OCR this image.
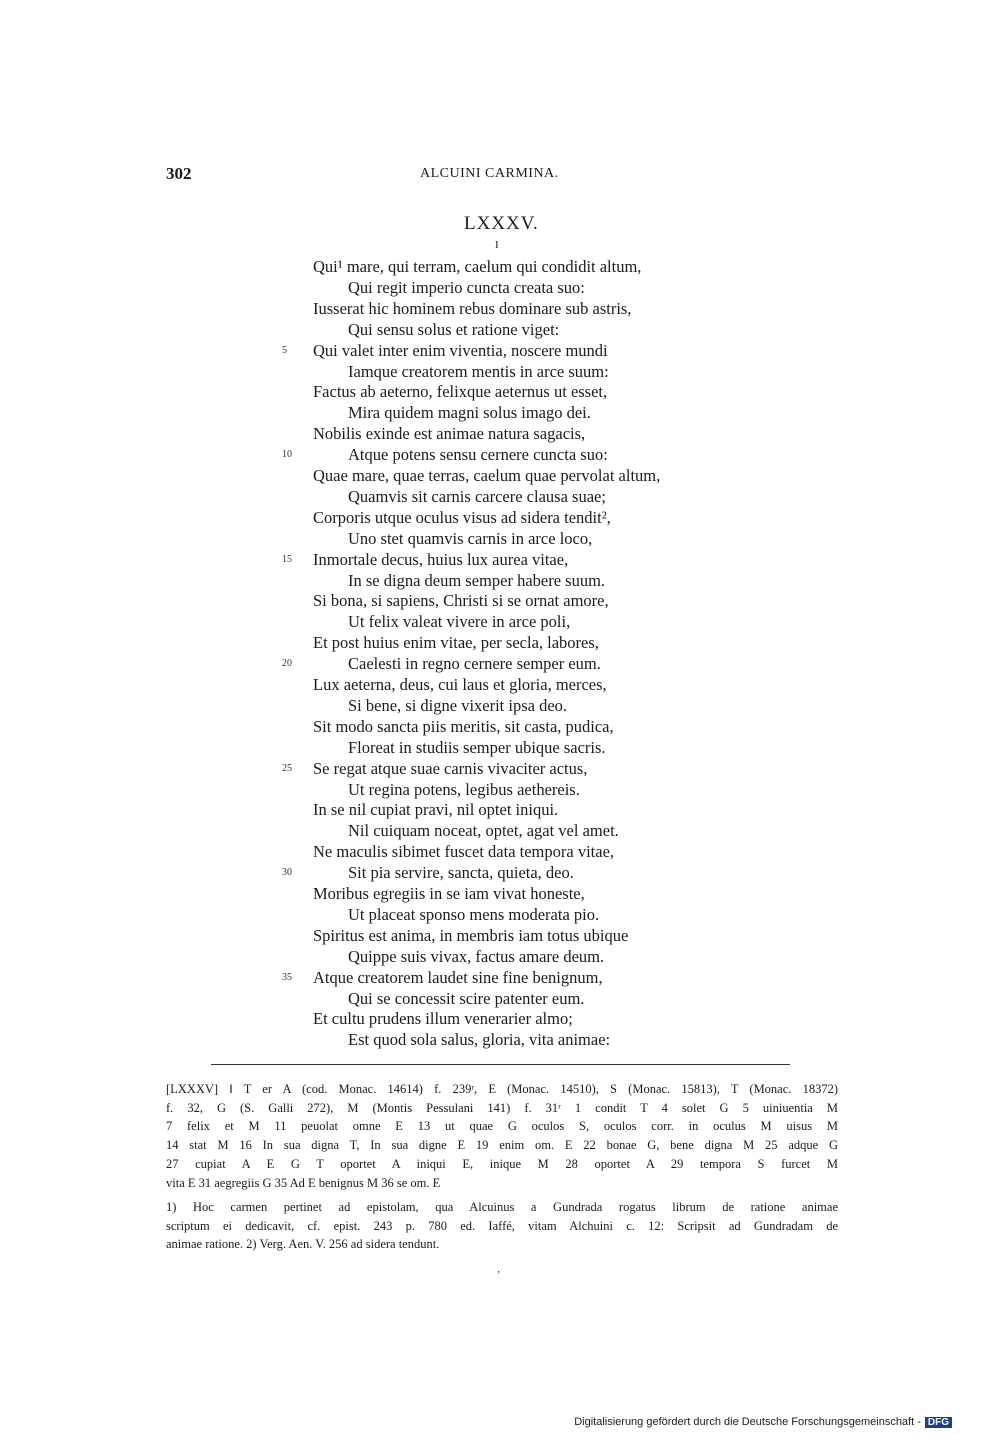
302	ALCUINI CARMINA.
LXXXV.
I
Qui¹ mare, qui terram, caelum qui condidit altum,
Qui regit imperio cuncta creata suo:
Iusserat hic hominem rebus dominare sub astris,
Qui sensu solus et ratione viget:
Qui valet inter enim viventia, noscere mundi
5
Iamque creatorem mentis in arce suum:
Factus ab aeterno, felixque aeternus ut esset,
Mira quidem magni solus imago dei.
Nobilis exinde est animae natura sagacis,
Atque potens sensu cernere cuncta suo:
10
Quae mare, quae terras, caelum quae pervolat altum,
Quamvis sit carnis carcere clausa suae;
Corporis utque oculus visus ad sidera tendit²,
Uno stet quamvis carnis in arce loco,
Inmortale decus, huius lux aurea vitae,
15
In se digna deum semper habere suum.
Si bona, si sapiens, Christi si se ornat amore,
Ut felix valeat vivere in arce poli,
Et post huius enim vitae, per secla, labores,
Caelesti in regno cernere semper eum.
20
Lux aeterna, deus, cui laus et gloria, merces,
Si bene, si digne vixerit ipsa deo.
Sit modo sancta piis meritis, sit casta, pudica,
Floreat in studiis semper ubique sacris.
Se regat atque suae carnis vivaciter actus,
25
Ut regina potens, legibus aethereis.
In se nil cupiat pravi, nil optet iniqui.
Nil cuiquam noceat, optet, agat vel amet.
Ne maculis sibimet fuscet data tempora vitae,
Sit pia servire, sancta, quieta, deo.
30
Moribus egregiis in se iam vivat honeste,
Ut placeat sponso mens moderata pio.
Spiritus est anima, in membris iam totus ubique
Quippe suis vivax, factus amare deum.
Atque creatorem laudet sine fine benignum,
35
Qui se concessit scire patenter eum.
Et cultu prudens illum venerarier almo;
Est quod sola salus, gloria, vita animae:
[LXXXV] ‖ T er A (cod. Monac. 14614) f. 239ʳ, E (Monac. 14510), S (Monac. 15813), T (Monac. 18372)
f. 32, G (S. Galli 272), M (Montis Pessulani 141) f. 31ʳ 1 condit T 4 solet G 5 uiniuentia M
7 felix et M 11 peuolat omne E 13 ut quae G oculos S, oculos corr. in oculus M uisus M
14 stat M 16 In sua digna T, In sua digne E 19 enim om. E 22 bonae G, bene digna M 25 adque G
27 cupiat A E G T oportet A iniqui E, inique M 28 oportet A 29 tempora S furcet M
vita E 31 aegregiis G 35 Ad E benignus M 36 se om. E
1) Hoc carmen pertinet ad epistolam, qua Alcuinus a Gundrada rogatus librum de ratione animae
scriptum ei dedicavit, cf. epist. 243 p. 780 ed. Iaffé, vitam Alchuini c. 12: Scripsit ad Gundradam de
animae ratione. 2) Verg. Aen. V. 256 ad sidera tendunt.
‚
Digitalisierung gefördert durch die Deutsche Forschungsgemeinschaft - DFG
